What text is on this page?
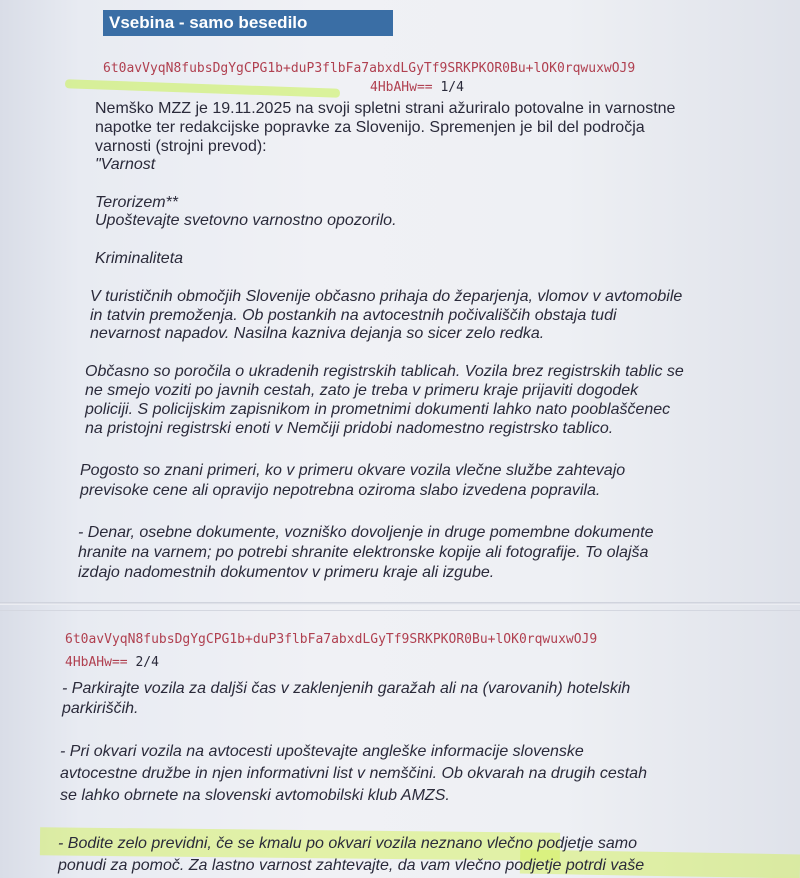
Vsebina - samo besedilo
6t0avVyqN8fubsDgYgCPG1b+duP3flbFa7abxdLGyTf9SRKPKOR0Bu+lOK0rqwuxwOJ9
4HbAHw== 1/4
Nemško MZZ je 19.11.2025 na svoji spletni strani ažuriralo potovalne in varnostne
napotke ter redakcijske popravke za Slovenijo. Spremenjen je bil del področja
varnosti (strojni prevod):
"Varnost
Terorizem**
Upoštevajte svetovno varnostno opozorilo.
Kriminaliteta
V turističnih območjih Slovenije občasno prihaja do žeparjenja, vlomov v avtomobile
in tatvin premoženja. Ob postankih na avtocestnih počivališčih obstaja tudi
nevarnost napadov. Nasilna kazniva dejanja so sicer zelo redka.
Občasno so poročila o ukradenih registrskih tablicah. Vozila brez registrskih tablic se
ne smejo voziti po javnih cestah, zato je treba v primeru kraje prijaviti dogodek
policiji. S policijskim zapisnikom in prometnimi dokumenti lahko nato pooblaščenec
na pristojni registrski enoti v Nemčiji pridobi nadomestno registrsko tablico.
Pogosto so znani primeri, ko v primeru okvare vozila vlečne službe zahtevajo
previsoke cene ali opravijo nepotrebna oziroma slabo izvedena popravila.
- Denar, osebne dokumente, vozniško dovoljenje in druge pomembne dokumente
hranite na varnem; po potrebi shranite elektronske kopije ali fotografije. To olajša
izdajo nadomestnih dokumentov v primeru kraje ali izgube.
6t0avVyqN8fubsDgYgCPG1b+duP3flbFa7abxdLGyTf9SRKPKOR0Bu+lOK0rqwuxwOJ9
4HbAHw== 2/4
- Parkirajte vozila za daljši čas v zaklenjenih garažah ali na (varovanih) hotelskih
parkiriščih.
- Pri okvari vozila na avtocesti upoštevajte angleške informacije slovenske
avtocestne družbe in njen informativni list v nemščini. Ob okvarah na drugih cestah
se lahko obrnete na slovenski avtomobilski klub AMZS.
- Bodite zelo previdni, če se kmalu po okvari vozila neznano vlečno podjetje samo
ponudi za pomoč. Za lastno varnost zahtevajte, da vam vlečno podjetje potrdi vaše
